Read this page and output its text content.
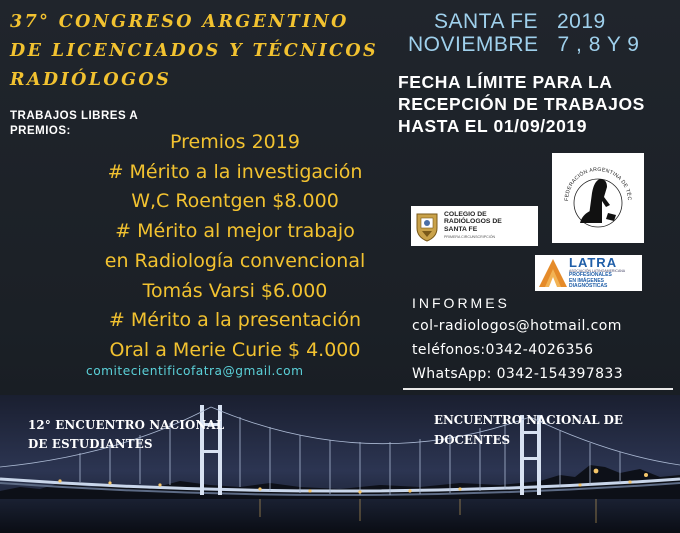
37° CONGRESO ARGENTINO
DE LICENCIADOS Y TÉCNICOS
RADIÓLOGOS
SANTA FE   2019
NOVIEMBRE   7 , 8 Y 9
FECHA LÍMITE PARA LA
RECEPCIÓN DE TRABAJOS
HASTA EL 01/09/2019
TRABAJOS LIBRES A
PREMIOS:	Premios 2019
# Mérito a la investigación
W,C Roentgen $8.000
# Mérito al mejor trabajo
en Radiología convencional
Tomás Varsi $6.000
# Mérito a la presentación
Oral a Merie Curie $ 4.000
comitecientificofatra@gmail.com
COLEGIO DE
RADIÓLOGOS DE
SANTA FE
PRIMERA CIRCUNSCRIPCIÓN
FEDERACIÓN ARGENTINA DE TÉC
LATRA
ASOCIACIÓN LATINOAMERICANA
PROFESIONALES
EN IMÁGENES
DIAGNÓSTICAS
INFORMES
col-radiologos@hotmail.com
teléfonos:0342-4026356
WhatsApp: 0342-154397833
12° ENCUENTRO NACIONAL
DE ESTUDIANTES
ENCUENTRO NACIONAL DE
DOCENTES
